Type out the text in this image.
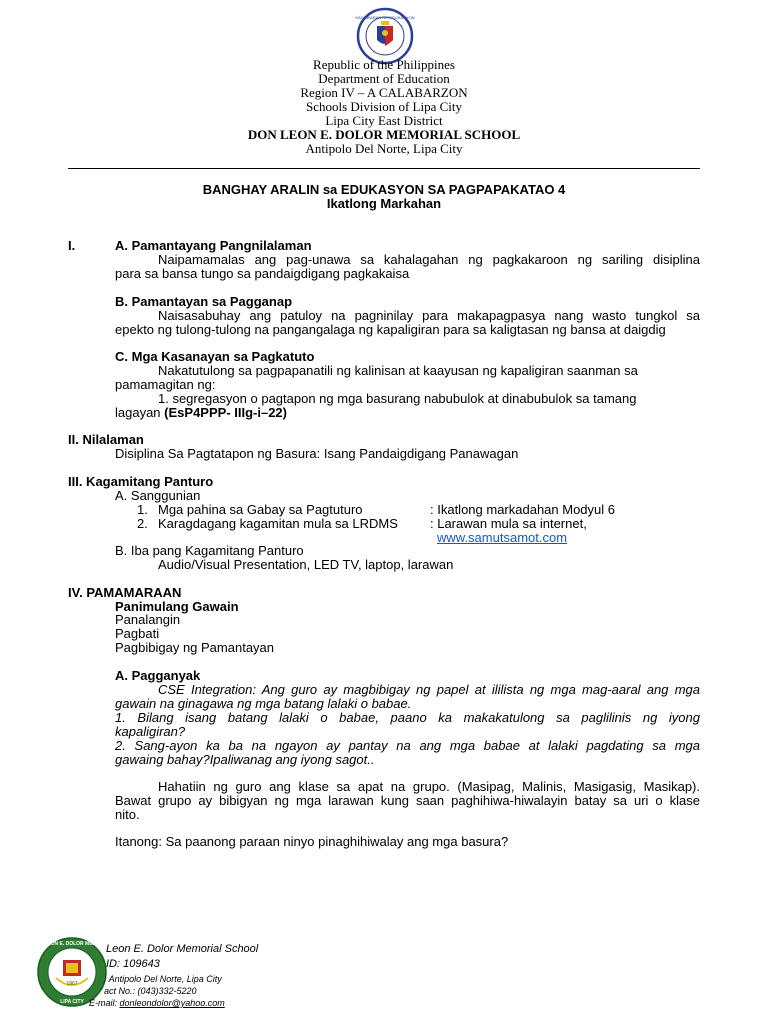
KAGAWARAN NG EDUKASYON
Republic of the Philippines
Department of Education
Region IV – A CALABARZON
Schools Division of Lipa City
Lipa City East District
DON LEON E. DOLOR MEMORIAL SCHOOL
Antipolo Del Norte, Lipa City
BANGHAY ARALIN sa EDUKASYON SA PAGPAPAKATAO 4
Ikatlong Markahan
I.	A. Pamantayang Pangnilalaman
Naipamamalas ang pag-unawa sa kahalagahan ng pagkakaroon ng sariling disiplina
para sa bansa tungo sa pandaigdigang pagkakaisa
B. Pamantayan sa Pagganap
Naisasabuhay ang patuloy na pagninilay para makapagpasya nang wasto tungkol sa
epekto ng tulong-tulong na pangangalaga ng kapaligiran para sa kaligtasan ng bansa at daigdig
C. Mga Kasanayan sa Pagkatuto
Nakatutulong sa pagpapanatili ng kalinisan at kaayusan ng kapaligiran saanman sa
pamamagitan ng:
1. segregasyon o pagtapon ng mga basurang nabubulok at dinabubulok sa tamang
lagayan (EsP4PPP- IIIg-i–22)
II. Nilalaman
Disiplina Sa Pagtatapon ng Basura: Isang Pandaigdigang Panawagan
III. Kagamitang Panturo
A. Sanggunian
1. Mga pahina sa Gabay sa Pagtuturo	: Ikatlong markadahan Modyul 6
2. Karagdagang kagamitan mula sa LRDMS : Larawan mula sa internet,
www.samutsamot.com
B. Iba pang Kagamitang Panturo
Audio/Visual Presentation, LED TV, laptop, larawan
IV. PAMAMARAAN
Panimulang Gawain
Panalangin
Pagbati
Pagbibigay ng Pamantayan
A. Pagganyak
CSE Integration: Ang guro ay magbibigay ng papel at ililista ng mga mag-aaral ang mga
gawain na ginagawa ng mga batang lalaki o babae.
1. Bilang isang batang lalaki o babae, paano ka makakatulong sa paglilinis ng iyong
kapaligiran?
2. Sang-ayon ka ba na ngayon ay pantay na ang mga babae at lalaki pagdating sa mga
gawaing bahay?Ipaliwanag ang iyong sagot..
Hahatiin ng guro ang klase sa apat na grupo. (Masipag, Malinis, Masigasig, Masikap).
Bawat grupo ay bibigyan ng mga larawan kung saan paghihiwa-hiwalayin batay sa uri o klase
nito.
Itanong: Sa paanong paraan ninyo pinaghihiwalay ang mga basura?
DON LEON E. DOLOR MEMORIAL
LIPA CITY
1967
Leon E. Dolor Memorial School
ID: 109643
: Antipolo Del Norte, Lipa City
act No.: (043)332-5220
E-mail: donleondolor@yahoo.com
